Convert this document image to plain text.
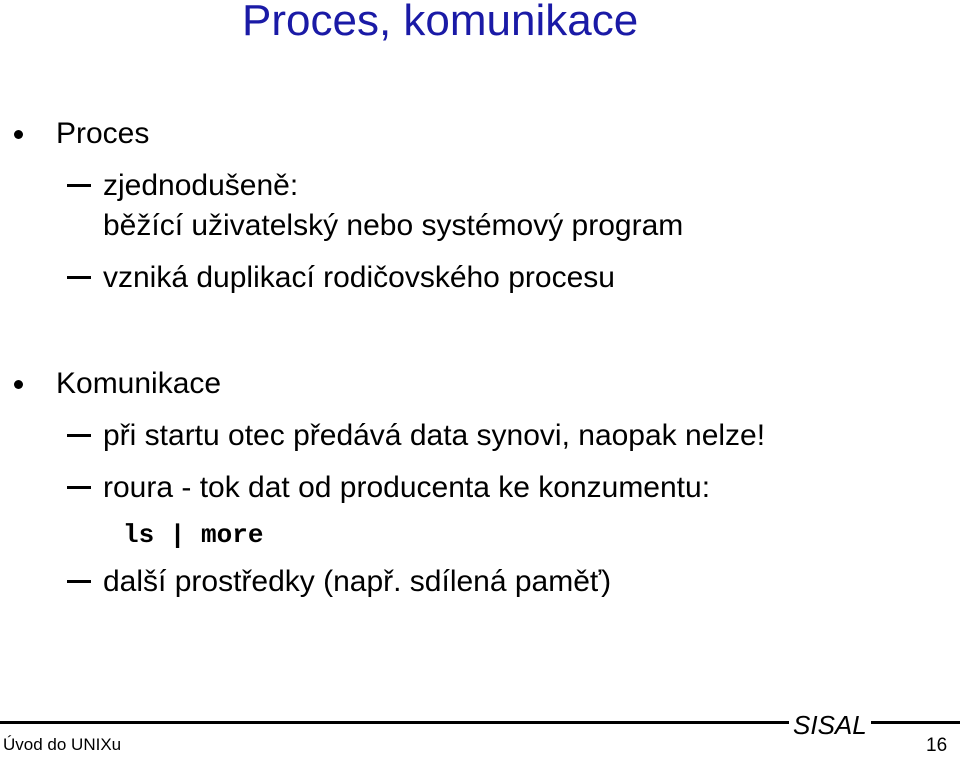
Proces, komunikace
Proces
zjednodušeně:
běžící uživatelský nebo systémový program
vzniká duplikací rodičovského procesu
Komunikace
při startu otec předává data synovi, naopak nelze!
roura - tok dat od producenta ke konzumentu:
ls | more
další prostředky (např. sdílená paměť)
Úvod do UNIXu
SISAL
16
